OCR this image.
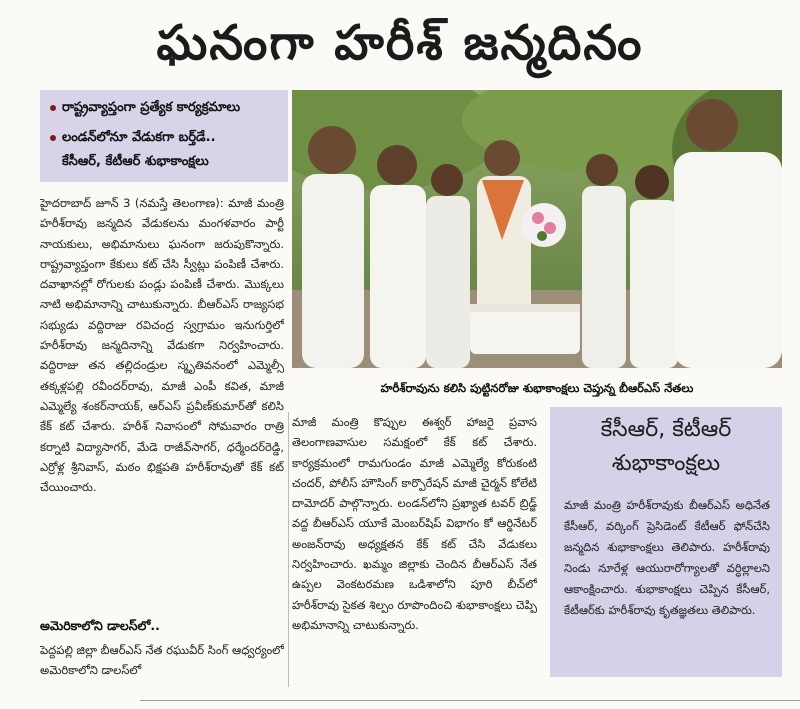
ఘనంగా హరీశ్ జన్మదినం
రాష్ట్రవ్యాప్తంగా ప్రత్యేక కార్యక్రమాలు
లండన్‌లోనూ వేడుకగా బర్త్‌డే..
కేసీఆర్, కేటీఆర్ శుభాకాంక్షలు
హైదరాబాద్ జూన్ 3 (నమస్తే తెలంగాణ): మాజీ మంత్రి హరీశ్‌రావు జన్మదిన వేడుకలను మంగళవారం పార్టీ నాయకులు, అభిమానులు ఘనంగా జరుపుకొన్నారు. రాష్ట్రవ్యాప్తంగా కేకులు కట్ చేసి స్వీట్లు పంపిణీ చేశారు. దవాఖానల్లో రోగులకు పండ్లు పంపిణీ చేశారు. మొక్కలు నాటి అభిమానాన్ని చాటుకున్నారు. బీఆర్‌ఎస్ రాజ్యసభ సభ్యుడు వద్దిరాజు రవిచంద్ర స్వగ్రామం ఇనుగుర్తిలో హరీశ్‌రావు జన్మదినాన్ని వేడుకగా నిర్వహించారు. వద్దిరాజు తన తల్లిదండ్రుల స్మృతివనంలో ఎమ్మెల్సీ తక్కళ్లపల్లి రవీందర్‌రావు, మాజీ ఎంపీ కవిత, మాజీ ఎమ్మెల్యే శంకర్‌నాయక్, ఆర్‌ఎస్ ప్రవీణ్‌కుమార్‌తో కలిసి కేక్ కట్ చేశారు. హరీశ్ నివాసంలో సోమవారం రాత్రి కర్నాటి విద్యాసాగర్, మేడె రాజీవ్‌సాగర్, ధర్మేందర్‌రెడ్డి, ఎర్రోళ్ల శ్రీనివాస్, మఠం భిక్షపతి హరీశ్‌రావుతో కేక్ కట్ చేయించారు.
అమెరికాలోని డాలస్‌లో..
పెద్దపల్లి జిల్లా బీఆర్‌ఎస్ నేత రఘువీర్ సింగ్ ఆధ్వర్యంలో అమెరికాలోని డాలస్‌లో
హరీశ్‌రావును కలిసి పుట్టినరోజు శుభాకాంక్షలు చెప్తున్న బీఆర్‌ఎస్ నేతలు
మాజీ మంత్రి కొప్పుల ఈశ్వర్ హాజరై ప్రవాస తెలంగాణవాసుల సమక్షంలో కేక్ కట్ చేశారు. కార్యక్రమంలో రామగుండం మాజీ ఎమ్మెల్యే కోరుకంటి చందర్, పోలీస్ హౌసింగ్ కార్పొరేషన్ మాజీ చైర్మన్ కోలేటి దామోదర్ పాల్గొన్నారు. లండన్‌లోని ప్రఖ్యాత టవర్ బ్రిడ్జ్ వద్ద బీఆర్‌ఎస్ యూకే మెంబర్‌షిప్ విభాగం కో ఆర్డినేటర్ అంజన్‌రావు అధ్యక్షతన కేక్ కట్ చేసి వేడుకలు నిర్వహించారు. ఖమ్మం జిల్లాకు చెందిన బీఆర్‌ఎస్ నేత ఉప్పల వెంకటరమణ ఒడిశాలోని పూరి బీచ్‌లో హరీశ్‌రావు సైకత శిల్పం రూపొందించి శుభాకాంక్షలు చెప్పి అభిమానాన్ని చాటుకున్నారు.
కేసీఆర్, కేటీఆర్
శుభాకాంక్షలు
మాజీ మంత్రి హరీశ్‌రావుకు బీఆర్‌ఎస్ అధినేత కేసీఆర్, వర్కింగ్ ప్రెసిడెంట్ కేటీఆర్ ఫోన్‌చేసి జన్మదిన శుభాకాంక్షలు తెలిపారు. హరీశ్‌రావు నిండు నూరేళ్ల ఆయురారోగ్యాలతో వర్ధిల్లాలని ఆకాంక్షించారు. శుభాకాంక్షలు చెప్పిన కేసీఆర్, కేటీఆర్‌కు హరీశ్‌రావు కృతజ్ఞతలు తెలిపారు.
